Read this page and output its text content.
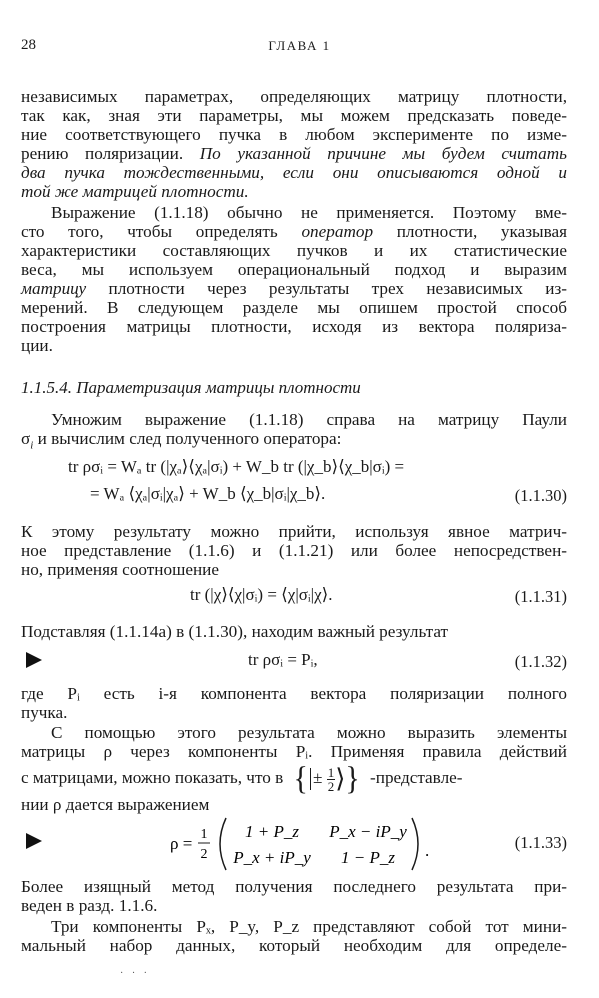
28	ГЛАВА 1
независимых параметрах, определяющих матрицу плотности,
так как, зная эти параметры, мы можем предсказать поведе-
ние соответствующего пучка в любом эксперименте по изме-
рению поляризации. По указанной причине мы будем считать
два пучка тождественными, если они описываются одной и
той же матрицей плотности.
Выражение (1.1.18) обычно не применяется. Поэтому вме-
сто того, чтобы определять оператор плотности, указывая
характеристики составляющих пучков и их статистические
веса, мы используем операциональный подход и выразим
матрицу плотности через результаты трех независимых из-
мерений. В следующем разделе мы опишем простой способ
построения матрицы плотности, исходя из вектора поляриза-
ции.
1.1.5.4. Параметризация матрицы плотности
Умножим выражение (1.1.18) справа на матрицу Паули
$\sigma_i$ и вычислим след полученного оператора:
tr ρσᵢ = Wₐ tr (|χₐ⟩⟨χₐ|σᵢ) + W_b tr (|χ_b⟩⟨χ_b|σᵢ) =
= Wₐ ⟨χₐ|σᵢ|χₐ⟩ + W_b ⟨χ_b|σᵢ|χ_b⟩.	(1.1.30)
К этому результату можно прийти, используя явное матрич-
ное представление (1.1.6) и (1.1.21) или более непосредствен-
но, применяя соотношение
tr (|χ⟩⟨χ|σᵢ) = ⟨χ|σᵢ|χ⟩.	(1.1.31)
Подставляя (1.1.14а) в (1.1.30), находим важный результат
tr ρσᵢ = Pᵢ,	(1.1.32)
где Pᵢ есть i-я компонента вектора поляризации полного
пучка.
С помощью этого результата можно выразить элементы
матрицы ρ через компоненты Pᵢ. Применяя правила действий
с матрицами, можно показать, что в { ± $\frac{1}{2}$ ⟩} -представле-
нии ρ дается выражением
ρ = 1
2
1 + P_z P_x − iP_y
P_x + iP_y 1 − P_z .	(1.1.33)
Более изящный метод получения последнего результата при-
веден в разд. 1.1.6.
Три компоненты Pₓ, P_y, P_z представляют собой тот мини-
мальный набор данных, который необходим для определе-
· · ·
